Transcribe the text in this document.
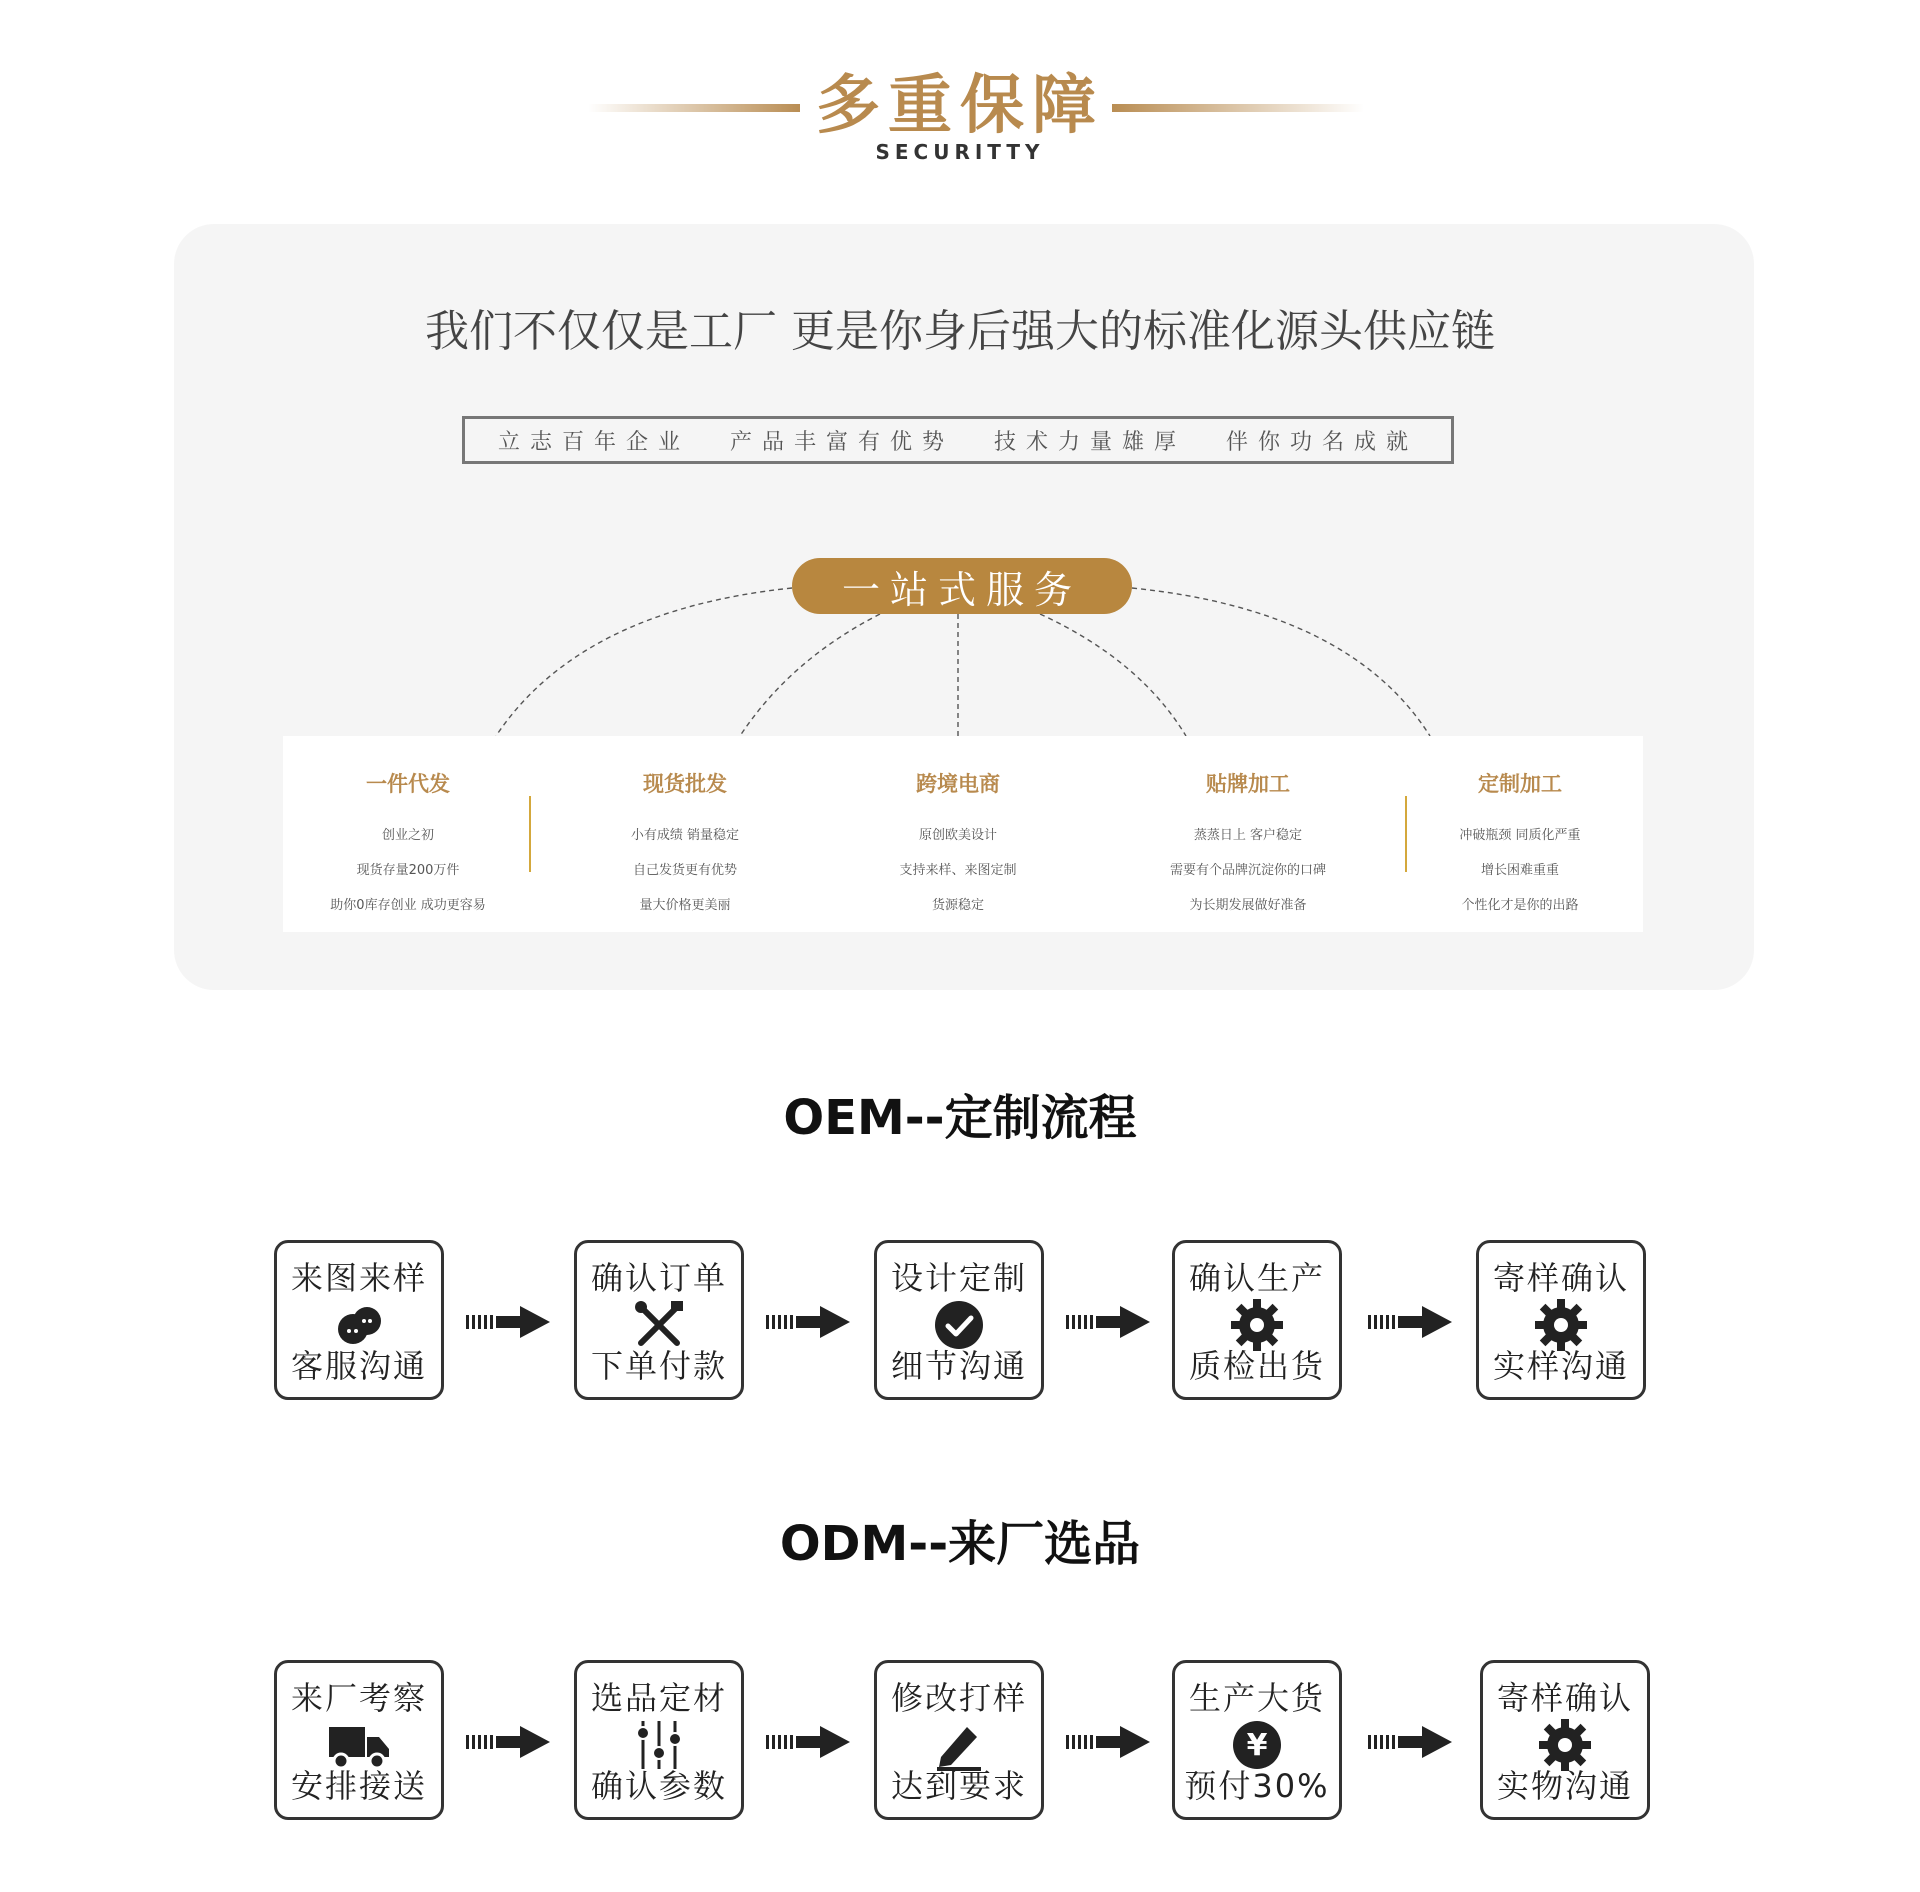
多重保障
SECURITTY
我们不仅仅是工厂 更是你身后强大的标准化源头供应链
立志百年企业 产品丰富有优势 技术力量雄厚 伴你功名成就
一站式服务
一件代发
创业之初
现货存量200万件
助你0库存创业 成功更容易
现货批发
小有成绩 销量稳定
自己发货更有优势
量大价格更美丽
跨境电商
原创欧美设计
支持来样、来图定制
货源稳定
贴牌加工
蒸蒸日上 客户稳定
需要有个品牌沉淀你的口碑
为长期发展做好准备
定制加工
冲破瓶颈 同质化严重
增长困难重重
个性化才是你的出路
OEM--定制流程
来图来样
客服沟通
确认订单
下单付款
设计定制
细节沟通
确认生产
质检出货
寄样确认
实样沟通
ODM--来厂选品
来厂考察
安排接送
选品定材
确认参数
修改打样
达到要求
生产大货
¥
预付30%
寄样确认
实物沟通
